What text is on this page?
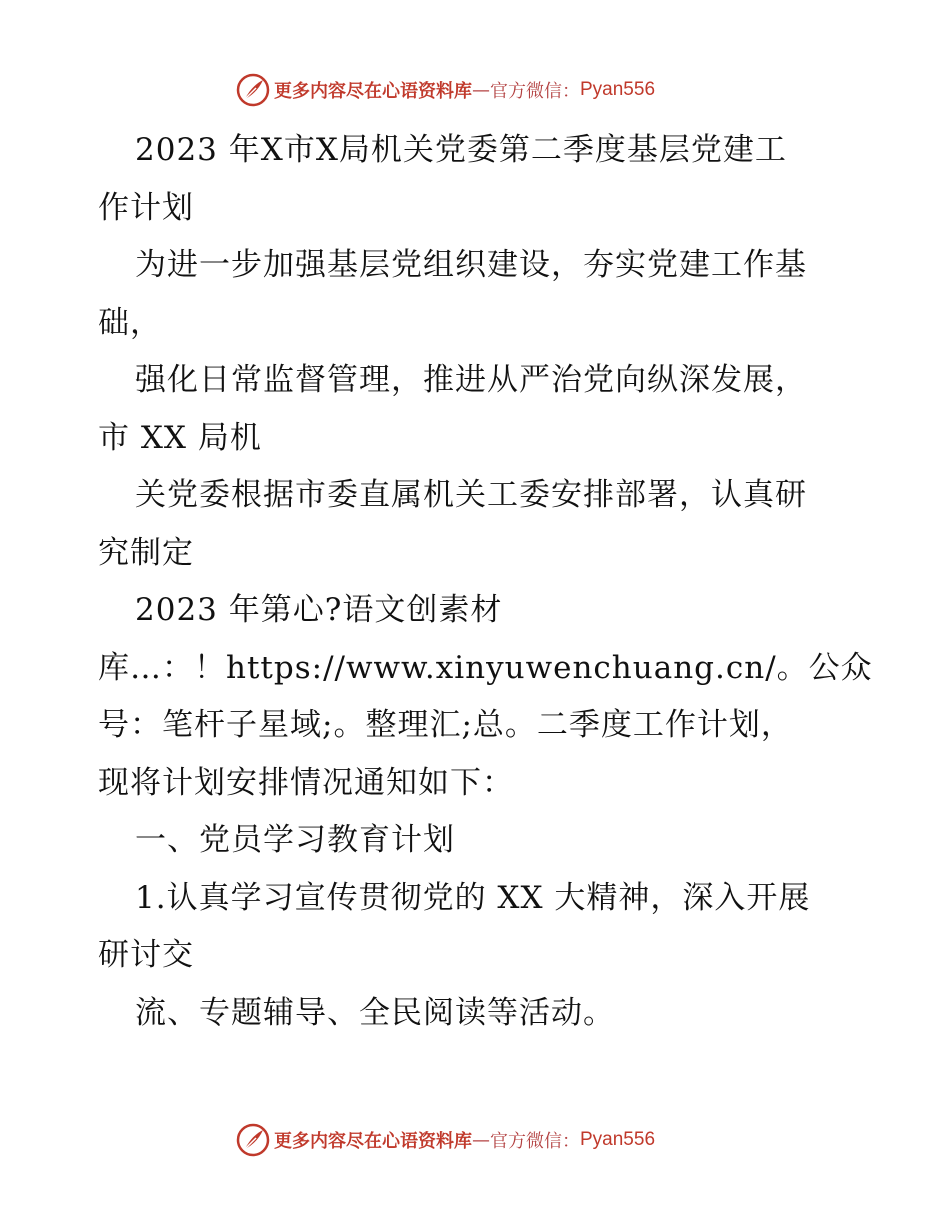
更多内容尽在心语资料库 — 官方微信： Pyan556
2023 年X市X局机关党委第二季度基层党建工
作计划
为进一步加强基层党组织建设，夯实党建工作基
础，
强化日常监督管理，推进从严治党向纵深发展，
市 XX 局机
关党委根据市委直属机关工委安排部署，认真研
究制定
2023 年第心?语文创素材
库…：！https://www.xinyuwenchuang.cn/。公众
号：笔杆子星域;。整理汇;总。二季度工作计划，
现将计划安排情况通知如下：
一、党员学习教育计划
1.认真学习宣传贯彻党的 XX 大精神，深入开展
研讨交
流、专题辅导、全民阅读等活动。
更多内容尽在心语资料库 — 官方微信： Pyan556
